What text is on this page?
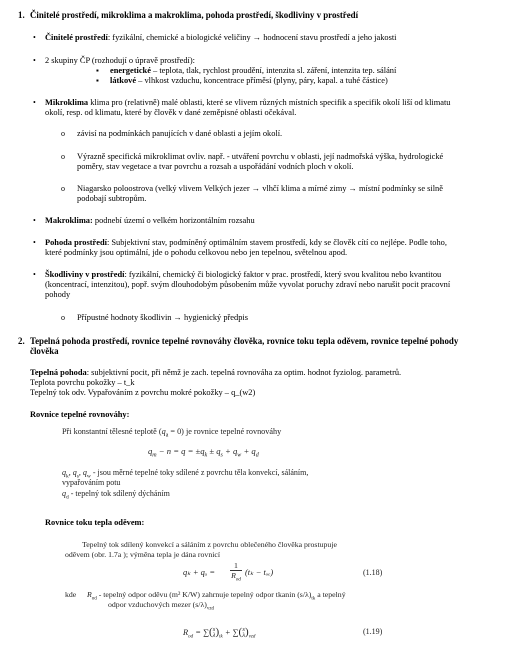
1. Činitelé prostředí, mikroklima a makroklima, pohoda prostředí, škodliviny v prostředí
•
Činitelé prostředí: fyzikální, chemické a biologické veličiny → hodnocení stavu prostředí a jeho jakosti
•
2 skupiny ČP (rozhodují o úpravě prostředí):
▪
energetické – teplota, tlak, rychlost proudění, intenzita sl. záření, intenzita tep. sálání
▪
látkové – vlhkost vzduchu, koncentrace příměsí (plyny, páry, kapal. a tuhé částice)
•
Mikroklima klima pro (relativně) malé oblasti, které se vlivem různých místních specifik a specifik okolí liší od klimatu
okolí, resp. od klimatu, které by člověk v dané zeměpisné oblasti očekával.
o
závisí na podmínkách panujících v dané oblasti a jejím okolí.
o
Výrazně specifická mikroklimat ovliv. např. - utváření povrchu v oblasti, její nadmořská výška, hydrologické
poměry, stav vegetace a tvar povrchu a rozsah a uspořádání vodních ploch v okolí.
o
Niagarsko poloostrova (velký vlivem Velkých jezer → vlhčí klima a mírné zimy → místní podmínky se silně
podobají subtropům.
•
Makroklima: podnebí území o velkém horizontálním rozsahu
•
Pohoda prostředí: Subjektivní stav, podmíněný optimálním stavem prostředí, kdy se člověk cítí co nejlépe. Podle toho,
které podmínky jsou optimální, jde o pohodu celkovou nebo jen tepelnou, světelnou apod.
•
Škodliviny v prostředí: fyzikální, chemický či biologický faktor v prac. prostředí, který svou kvalitou nebo kvantitou
(koncentrací, intenzitou), popř. svým dlouhodobým působením může vyvolat poruchy zdraví nebo narušit pocit pracovní
pohody
o
Přípustné hodnoty škodlivin → hygienický předpis
2. Tepelná pohoda prostředí, rovnice tepelné rovnováhy člověka, rovnice toku tepla oděvem, rovnice tepelné pohody
člověka
Tepelná pohoda: subjektivní pocit, při němž je zach. tepelná rovnováha za optim. hodnot fyziolog. parametrů.
Teplota povrchu pokožky – t_k
Tepelný tok odv. Vypařováním z povrchu mokré pokožky – q_(w2)
Rovnice tepelné rovnováhy:
Při konstantní tělesné teplotě $(q_a = 0)$ je rovnice tepelné rovnováhy
$q_m - n = q = \pm q_k \pm q_s + q_w + q_d$
$q_k$, $q_s$, $q_w$ - jsou měrné tepelné toky sdílené z povrchu těla konvekcí, sáláním,
vypařováním potu
$q_d$ - tepelný tok sdílený dýcháním
Rovnice toku tepla oděvem:
Tepelný tok sdílený konvekcí a sáláním z povrchu oblečeného člověka prostupuje
oděvem (obr. 1.7a ); výměna tepla je dána rovnicí
qₖ + qᵤ =
1
$R_{od}$
(tₖ − tₒₑ)	(1.18)
kde $R_{od}$ - tepelný odpor oděvu (m² K/W) zahrnuje tepelný odpor tkanin $(s/\lambda)_{tk}$ a tepelný
odpor vzduchových mezer $(s/\lambda)_{vzd}$
$R_{od} = \sum(s$
$\lambda)_{tk} + \sum(s$
$\lambda)_{vzd}$
(1.19)
